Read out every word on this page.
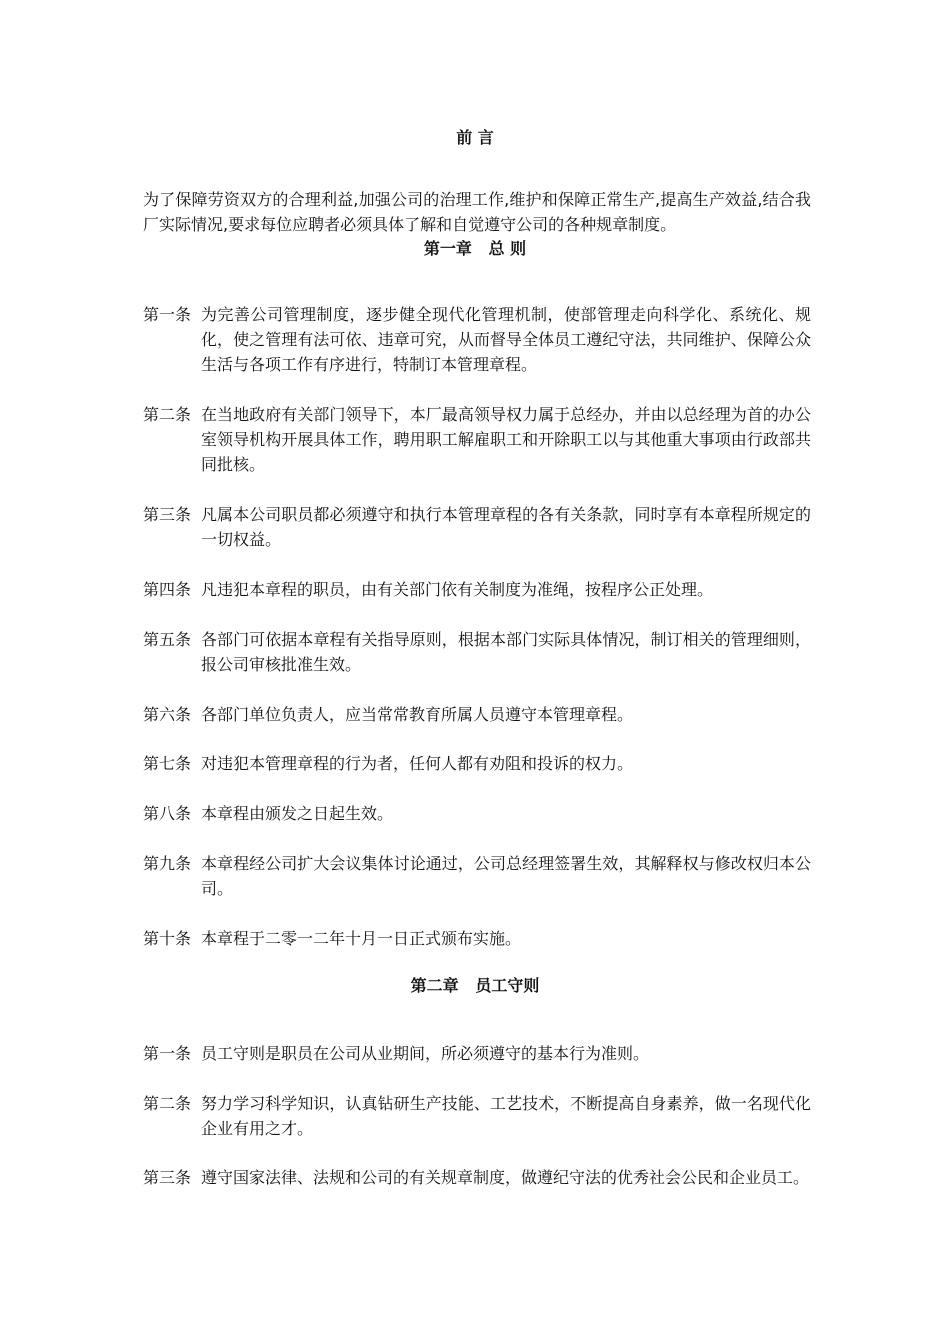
前 言
为了保障劳资双方的合理利益,加强公司的治理工作,维护和保障正常生产,提高生产效益,结合我厂实际情况,要求每位应聘者必须具体了解和自觉遵守公司的各种规章制度。
第一章   总 则
第一条 为完善公司管理制度，逐步健全现代化管理机制，使部管理走向科学化、系统化、规化，使之管理有法可依、违章可究，从而督导全体员工遵纪守法，共同维护、保障公众生活与各项工作有序进行，特制订本管理章程。
第二条 在当地政府有关部门领导下，本厂最高领导权力属于总经办，并由以总经理为首的办公室领导机构开展具体工作，聘用职工解雇职工和开除职工以与其他重大事项由行政部共同批核。
第三条 凡属本公司职员都必须遵守和执行本管理章程的各有关条款，同时享有本章程所规定的一切权益。
第四条 凡违犯本章程的职员，由有关部门依有关制度为准绳，按程序公正处理。
第五条 各部门可依据本章程有关指导原则，根据本部门实际具体情况，制订相关的管理细则，报公司审核批准生效。
第六条 各部门单位负责人，应当常常教育所属人员遵守本管理章程。
第七条 对违犯本管理章程的行为者，任何人都有劝阻和投诉的权力。
第八条 本章程由颁发之日起生效。
第九条 本章程经公司扩大会议集体讨论通过，公司总经理签署生效，其解释权与修改权归本公司。
第十条 本章程于二零一二年十月一日正式颁布实施。
第二章   员工守则
第一条 员工守则是职员在公司从业期间，所必须遵守的基本行为准则。
第二条 努力学习科学知识，认真钻研生产技能、工艺技术，不断提高自身素养，做一名现代化企业有用之才。
第三条 遵守国家法律、法规和公司的有关规章制度，做遵纪守法的优秀社会公民和企业员工。
